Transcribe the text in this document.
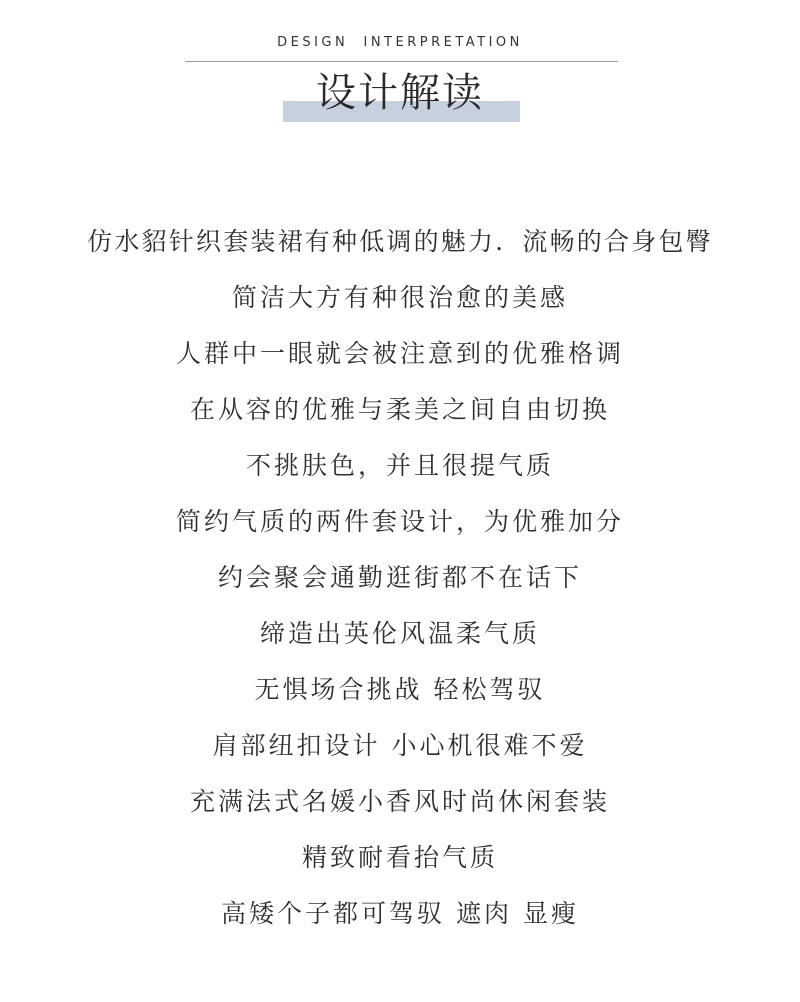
DESIGN  INTERPRETATION
设计解读
仿水貂针织套装裙有种低调的魅力．流畅的合身包臀
简洁大方有种很治愈的美感
人群中一眼就会被注意到的优雅格调
在从容的优雅与柔美之间自由切换
不挑肤色，并且很提气质
简约气质的两件套设计，为优雅加分
约会聚会通勤逛街都不在话下
缔造出英伦风温柔气质
无惧场合挑战 轻松驾驭
肩部纽扣设计 小心机很难不爱
充满法式名媛小香风时尚休闲套装
精致耐看抬气质
高矮个子都可驾驭 遮肉 显瘦
